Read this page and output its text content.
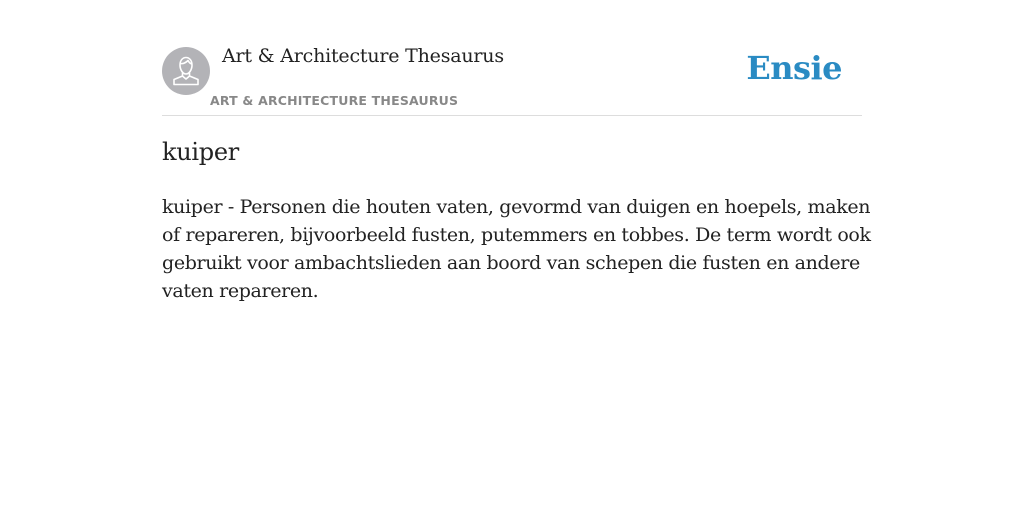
Art & Architecture Thesaurus
ART & ARCHITECTURE THESAURUS
Ensie
kuiper

kuiper - Personen die houten vaten, gevormd van duigen en hoepels, maken of repareren, bijvoorbeeld fusten, putemmers en tobbes. De term wordt ook gebruikt voor ambachtslieden aan boord van schepen die fusten en andere vaten repareren.
